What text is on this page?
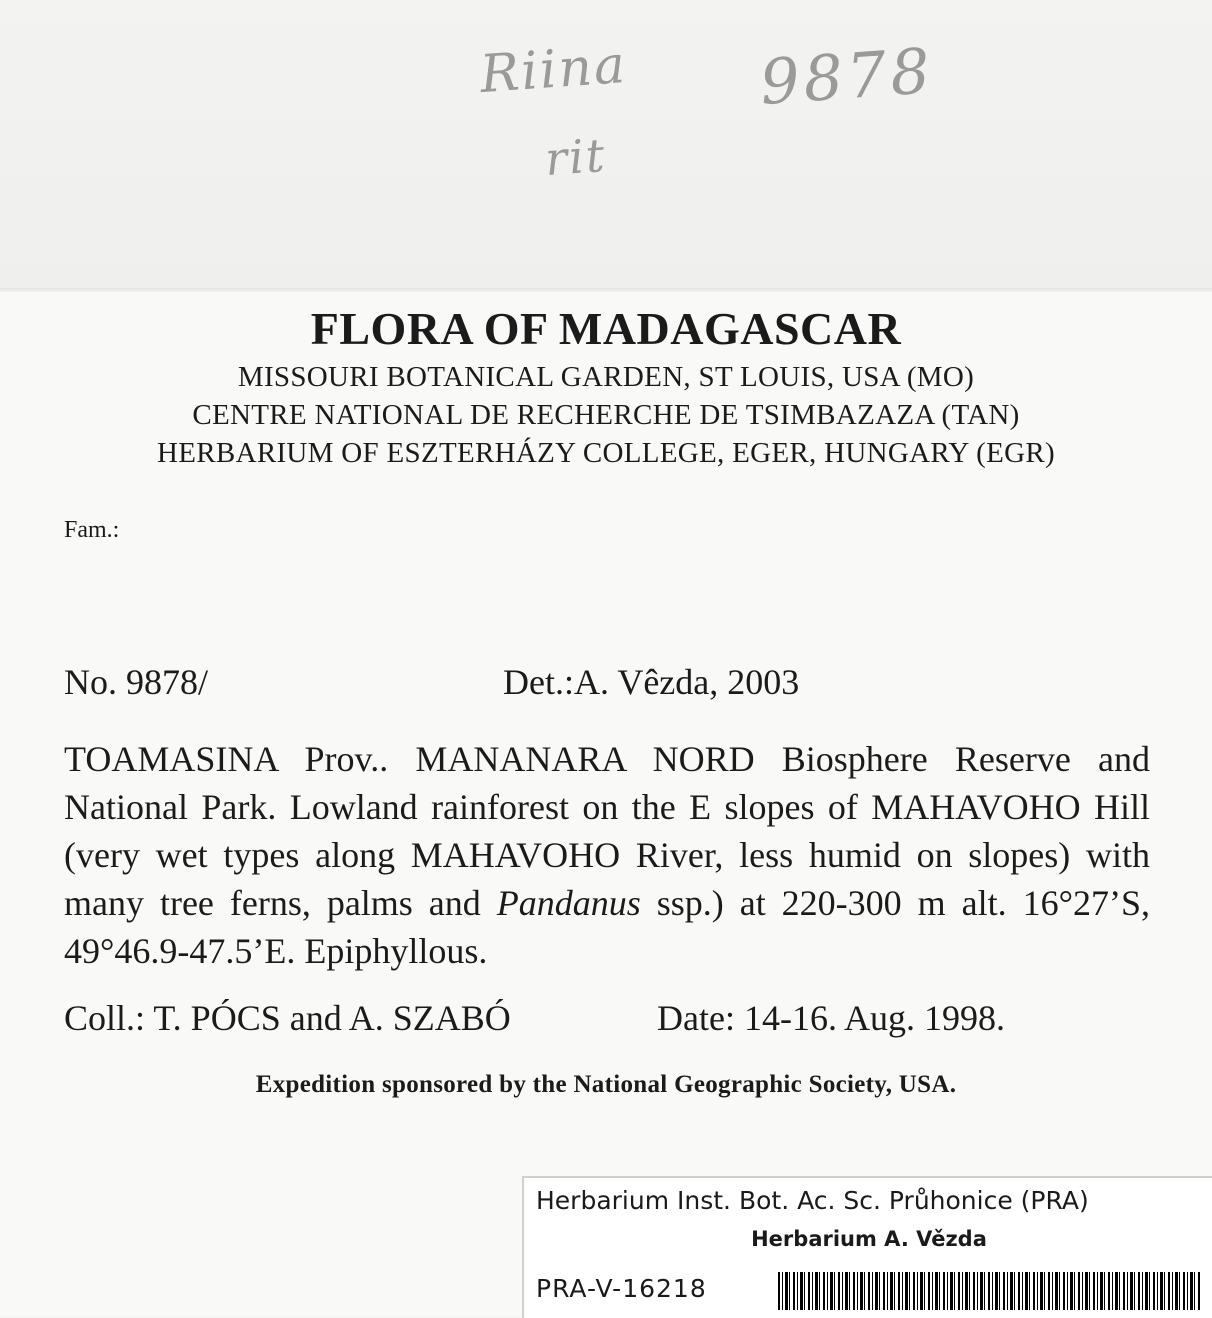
Riina
rit
9878
FLORA OF MADAGASCAR
MISSOURI BOTANICAL GARDEN, ST LOUIS, USA (MO)
CENTRE NATIONAL DE RECHERCHE DE TSIMBAZAZA (TAN)
HERBARIUM OF ESZTERHÁZY COLLEGE, EGER, HUNGARY (EGR)
Fam.:
No. 9878/	Det.:A. Vêzda, 2003
TOAMASINA Prov.. MANANARA NORD Biosphere Reserve and National Park. Lowland rainforest on the E slopes of MAHAVOHO Hill (very wet types along MAHAVOHO River, less humid on slopes) with many tree ferns, palms and Pandanus ssp.) at 220-300 m alt. 16°27’S, 49°46.9-47.5’E. Epiphyllous.
Coll.: T. PÓCS and A. SZABÓ	Date: 14-16. Aug. 1998.
Expedition sponsored by the National Geographic Society, USA.
Herbarium Inst. Bot. Ac. Sc. Průhonice (PRA)
Herbarium A. Vězda
PRA-V-16218
